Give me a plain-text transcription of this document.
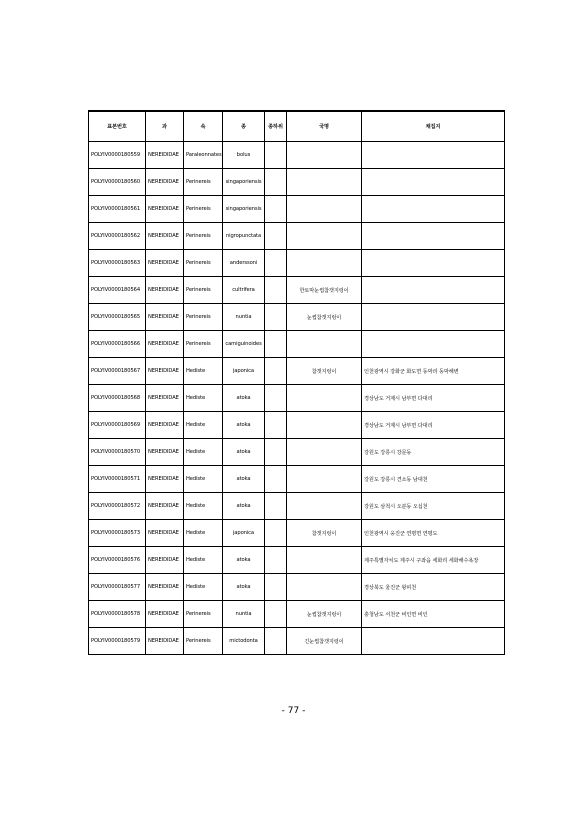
표본번호	과	속	종	종하위	국명	채집지
POLYIV0000180559	NEREIDIDAE	Paraleonnates	bolus			
POLYIV0000180560	NEREIDIDAE	Perinereis	singaporiensis			
POLYIV0000180561	NEREIDIDAE	Perinereis	singaporiensis			
POLYIV0000180562	NEREIDIDAE	Perinereis	nigropunctata			
POLYIV0000180563	NEREIDIDAE	Perinereis	anderssoni			
POLYIV0000180564	NEREIDIDAE	Perinereis	cultrifera		한토막눈썹참갯지렁이	
POLYIV0000180565	NEREIDIDAE	Perinereis	nuntia		눈썹참갯지렁이	
POLYIV0000180566	NEREIDIDAE	Perinereis	camiguinoides			
POLYIV0000180567	NEREIDIDAE	Hediste	japonica		참갯지렁이	인천광역시 강화군 화도면 동막리 동막해변
POLYIV0000180568	NEREIDIDAE	Hediste	atoka			경상남도 거제시 남부면 다대리
POLYIV0000180569	NEREIDIDAE	Hediste	atoka			경상남도 거제시 남부면 다대리
POLYIV0000180570	NEREIDIDAE	Hediste	atoka			강원도 강릉시 강문동
POLYIV0000180571	NEREIDIDAE	Hediste	atoka			강원도 강릉시 견소동 남대천
POLYIV0000180572	NEREIDIDAE	Hediste	atoka			강원도 삼척시 오분동 오십천
POLYIV0000180573	NEREIDIDAE	Hediste	japonica		참갯지렁이	인천광역시 옹진군 연평면 연평도
POLYIV0000180576	NEREIDIDAE	Hediste	atoka			제주특별자치도 제주시 구좌읍 세화리 세화해수욕장
POLYIV0000180577	NEREIDIDAE	Hediste	atoka			경상북도 울진군 왕피천
POLYIV0000180578	NEREIDIDAE	Perinereis	nuntia		눈썹참갯지렁이	충청남도 서천군 비인면 비인
POLYIV0000180579	NEREIDIDAE	Perinereis	mictodonta		긴눈썹참갯지렁이	
- 77 -
